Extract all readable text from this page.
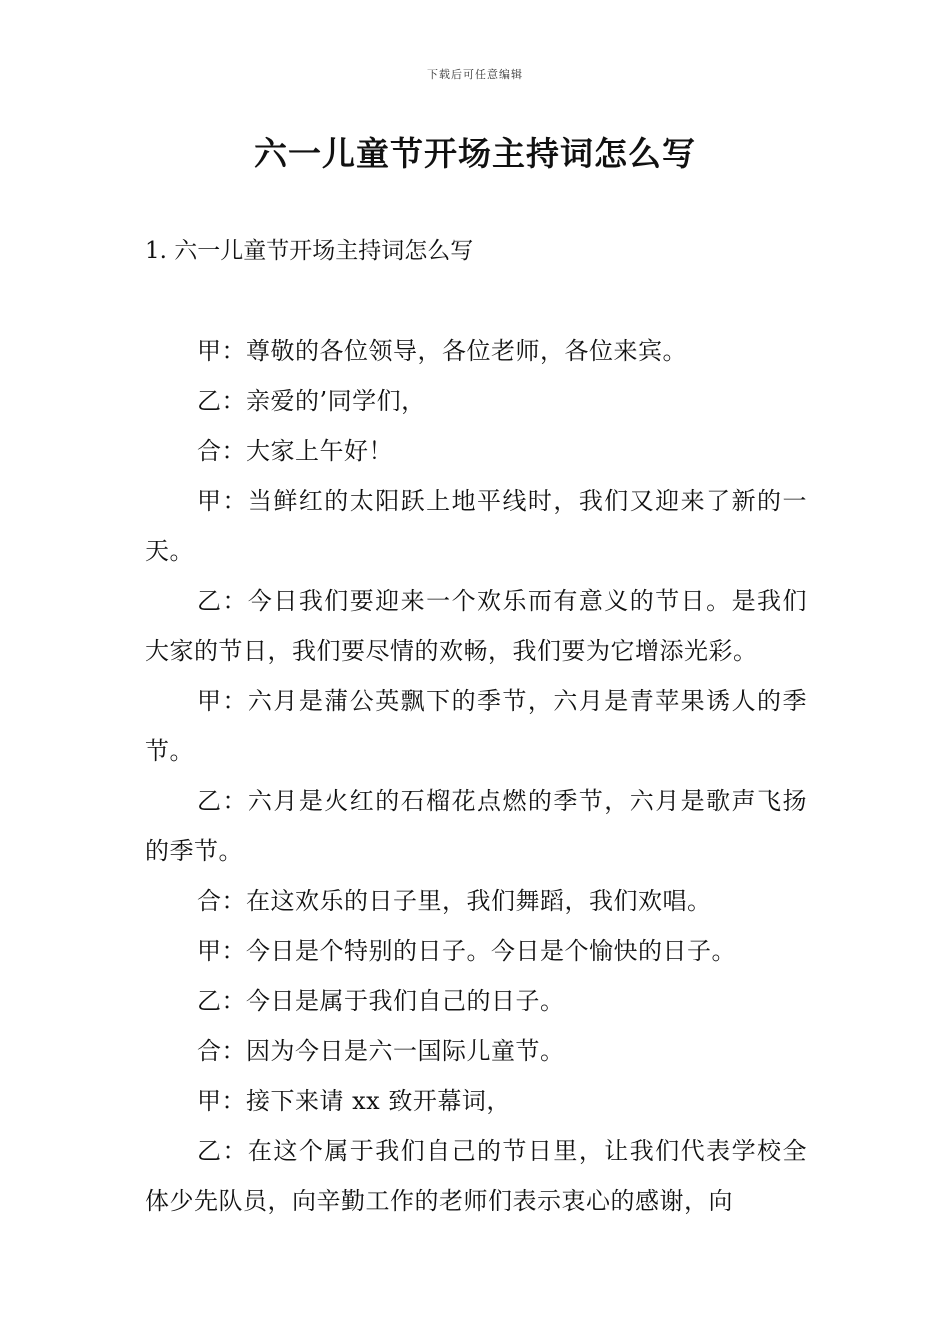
下载后可任意编辑
六一儿童节开场主持词怎么写
1. 六一儿童节开场主持词怎么写

甲：尊敬的各位领导，各位老师，各位来宾。

乙：亲爱的’同学们，

合：大家上午好！

甲：当鲜红的太阳跃上地平线时，我们又迎来了新的一天。

乙：今日我们要迎来一个欢乐而有意义的节日。是我们大家的节日，我们要尽情的欢畅，我们要为它增添光彩。

甲：六月是蒲公英飘下的季节，六月是青苹果诱人的季节。

乙：六月是火红的石榴花点燃的季节，六月是歌声飞扬的季节。

合：在这欢乐的日子里，我们舞蹈，我们欢唱。

甲：今日是个特别的日子。今日是个愉快的日子。

乙：今日是属于我们自己的日子。

合：因为今日是六一国际儿童节。

甲：接下来请 xx 致开幕词，

乙：在这个属于我们自己的节日里，让我们代表学校全体少先队员，向辛勤工作的老师们表示衷心的感谢，向
